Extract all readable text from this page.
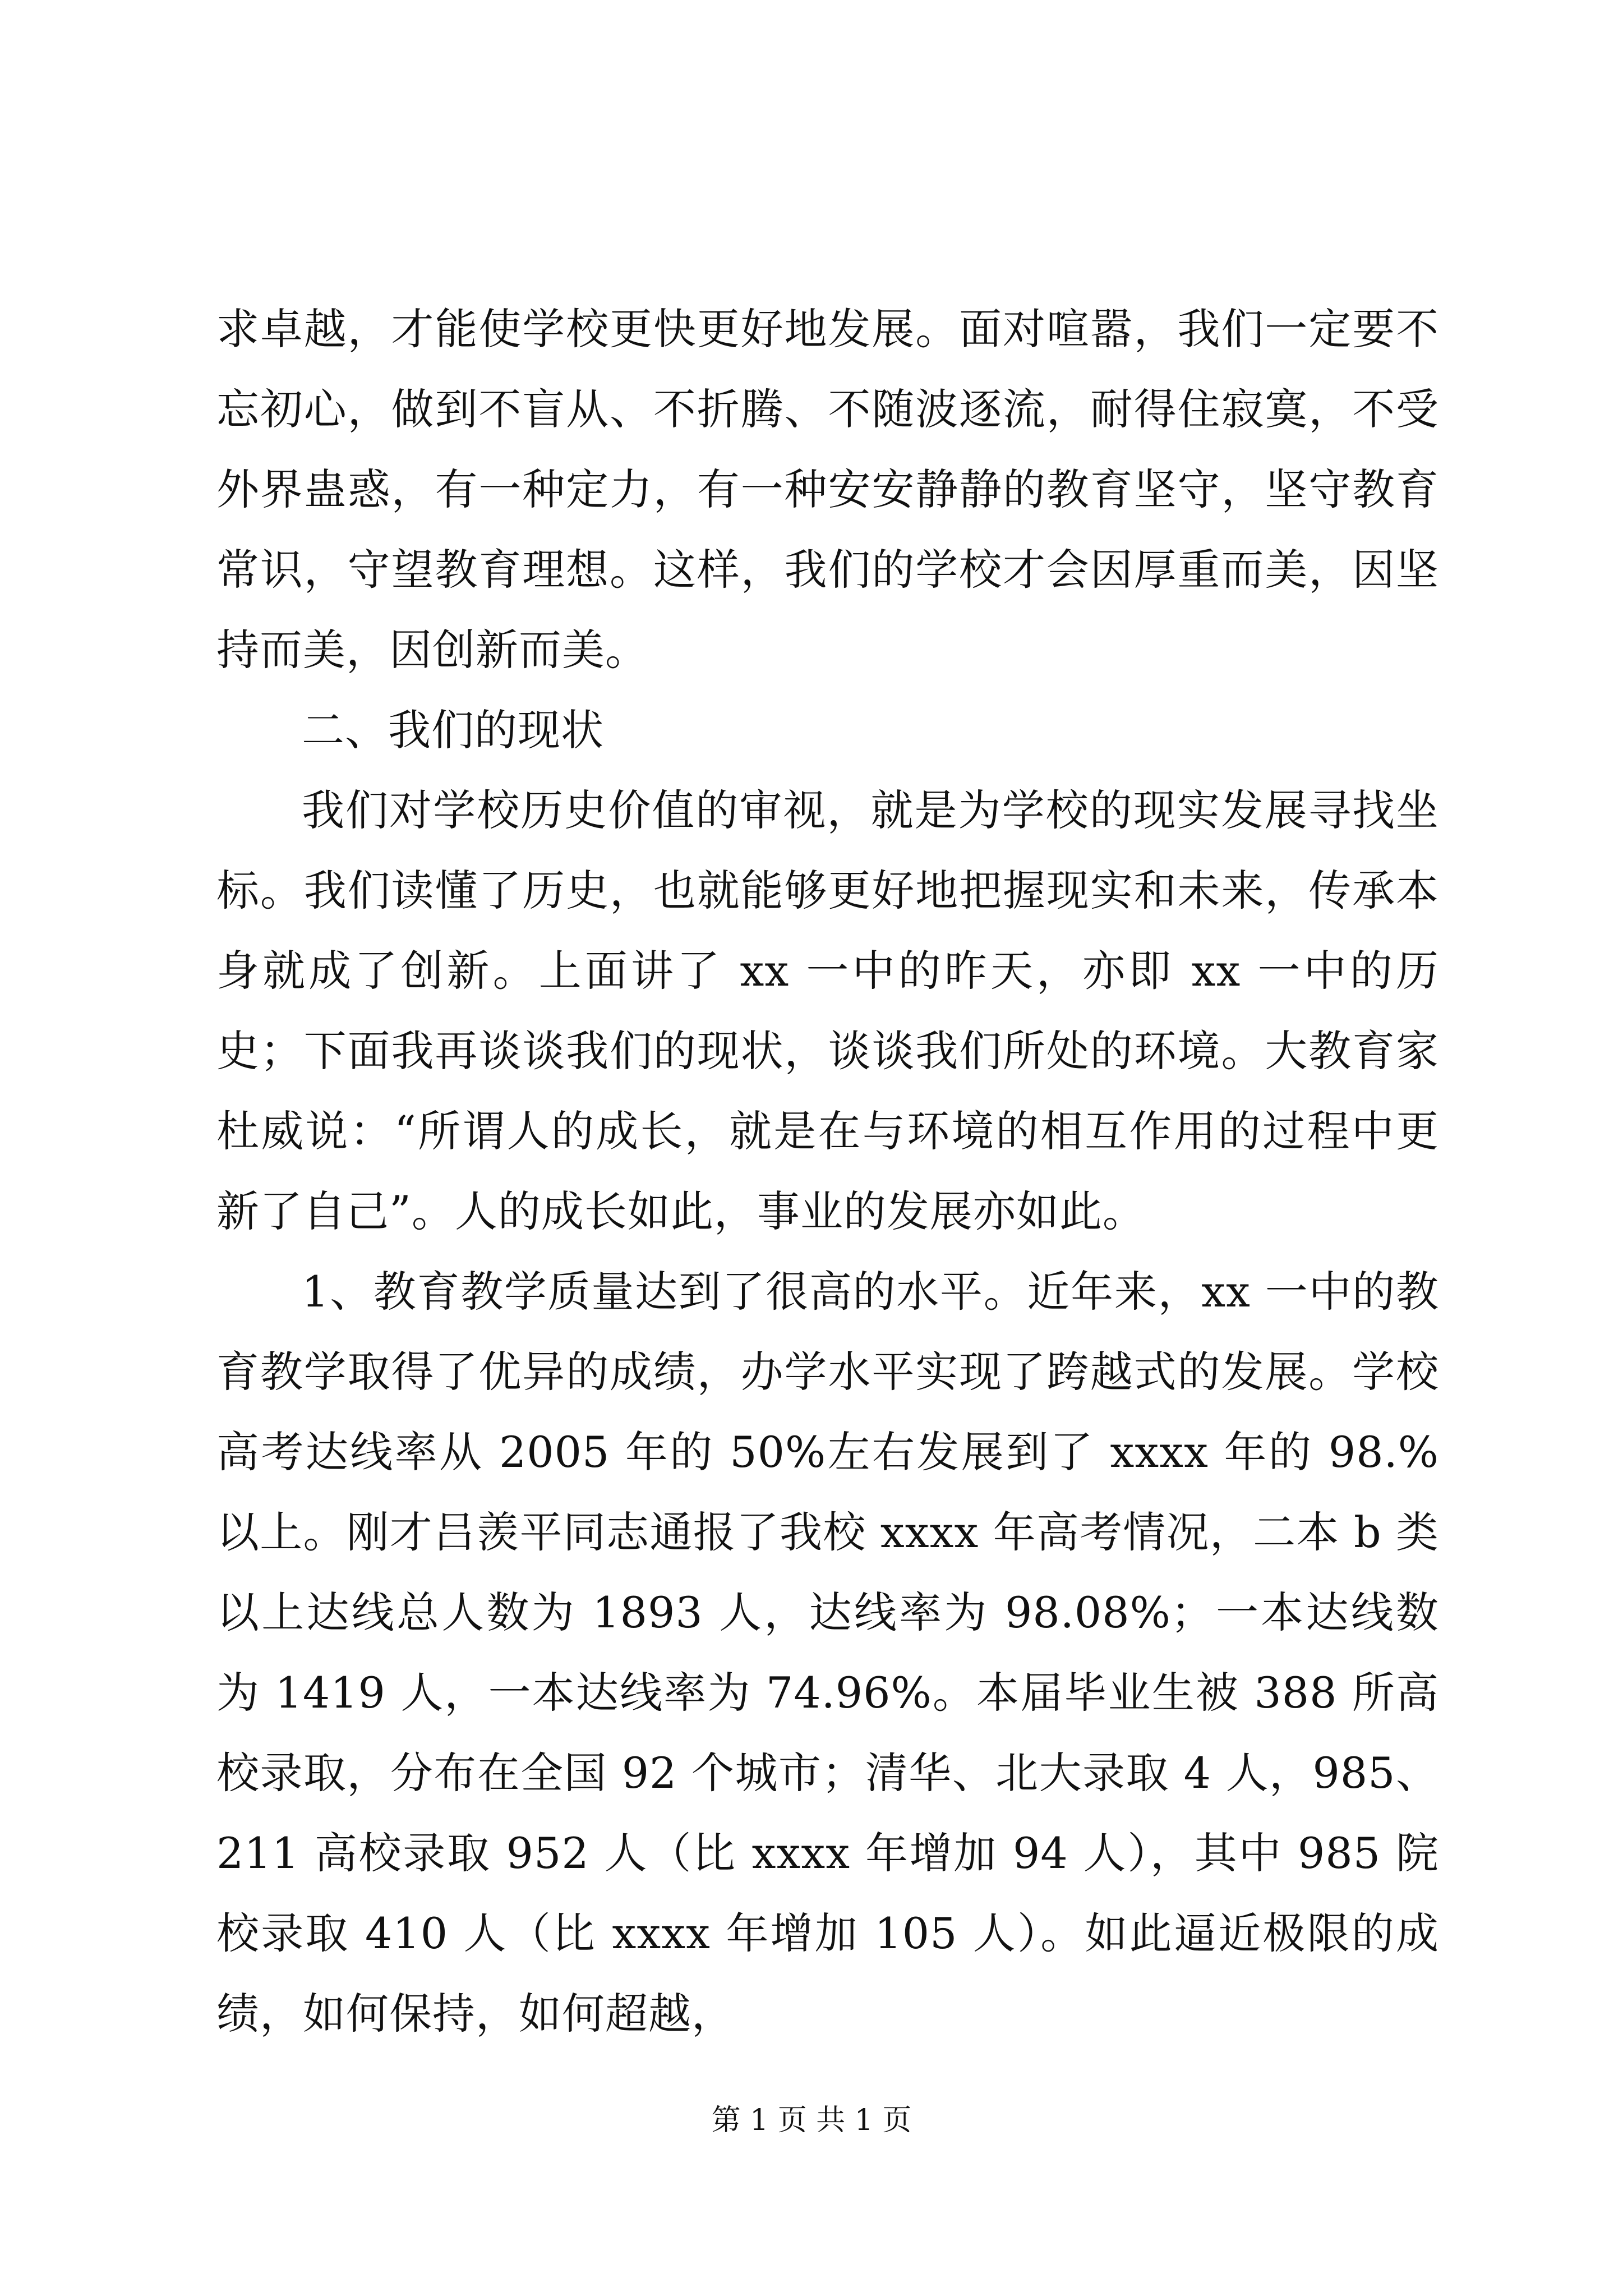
求卓越，才能使学校更快更好地发展。面对喧嚣，我们一定要不忘初心，做到不盲从、不折腾、不随波逐流，耐得住寂寞，不受外界蛊惑，有一种定力，有一种安安静静的教育坚守，坚守教育常识，守望教育理想。这样，我们的学校才会因厚重而美，因坚持而美，因创新而美。

二、我们的现状

我们对学校历史价值的审视，就是为学校的现实发展寻找坐标。我们读懂了历史，也就能够更好地把握现实和未来，传承本身就成了创新。上面讲了 xx 一中的昨天，亦即 xx 一中的历史；下面我再谈谈我们的现状，谈谈我们所处的环境。大教育家杜威说：“所谓人的成长，就是在与环境的相互作用的过程中更新了自己”。人的成长如此，事业的发展亦如此。

1、教育教学质量达到了很高的水平。近年来，xx 一中的教育教学取得了优异的成绩，办学水平实现了跨越式的发展。学校高考达线率从 2005 年的 50%左右发展到了 xxxx 年的 98.%以上。刚才吕羡平同志通报了我校 xxxx 年高考情况，二本 b 类以上达线总人数为 1893 人，达线率为 98.08%；一本达线数为 1419 人，一本达线率为 74.96%。本届毕业生被 388 所高校录取，分布在全国 92 个城市；清华、北大录取 4 人，985、211 高校录取 952 人（比 xxxx 年增加 94 人），其中 985 院校录取 410 人（比 xxxx 年增加 105 人）。如此逼近极限的成绩，如何保持，如何超越，

第 1 页 共 1 页
